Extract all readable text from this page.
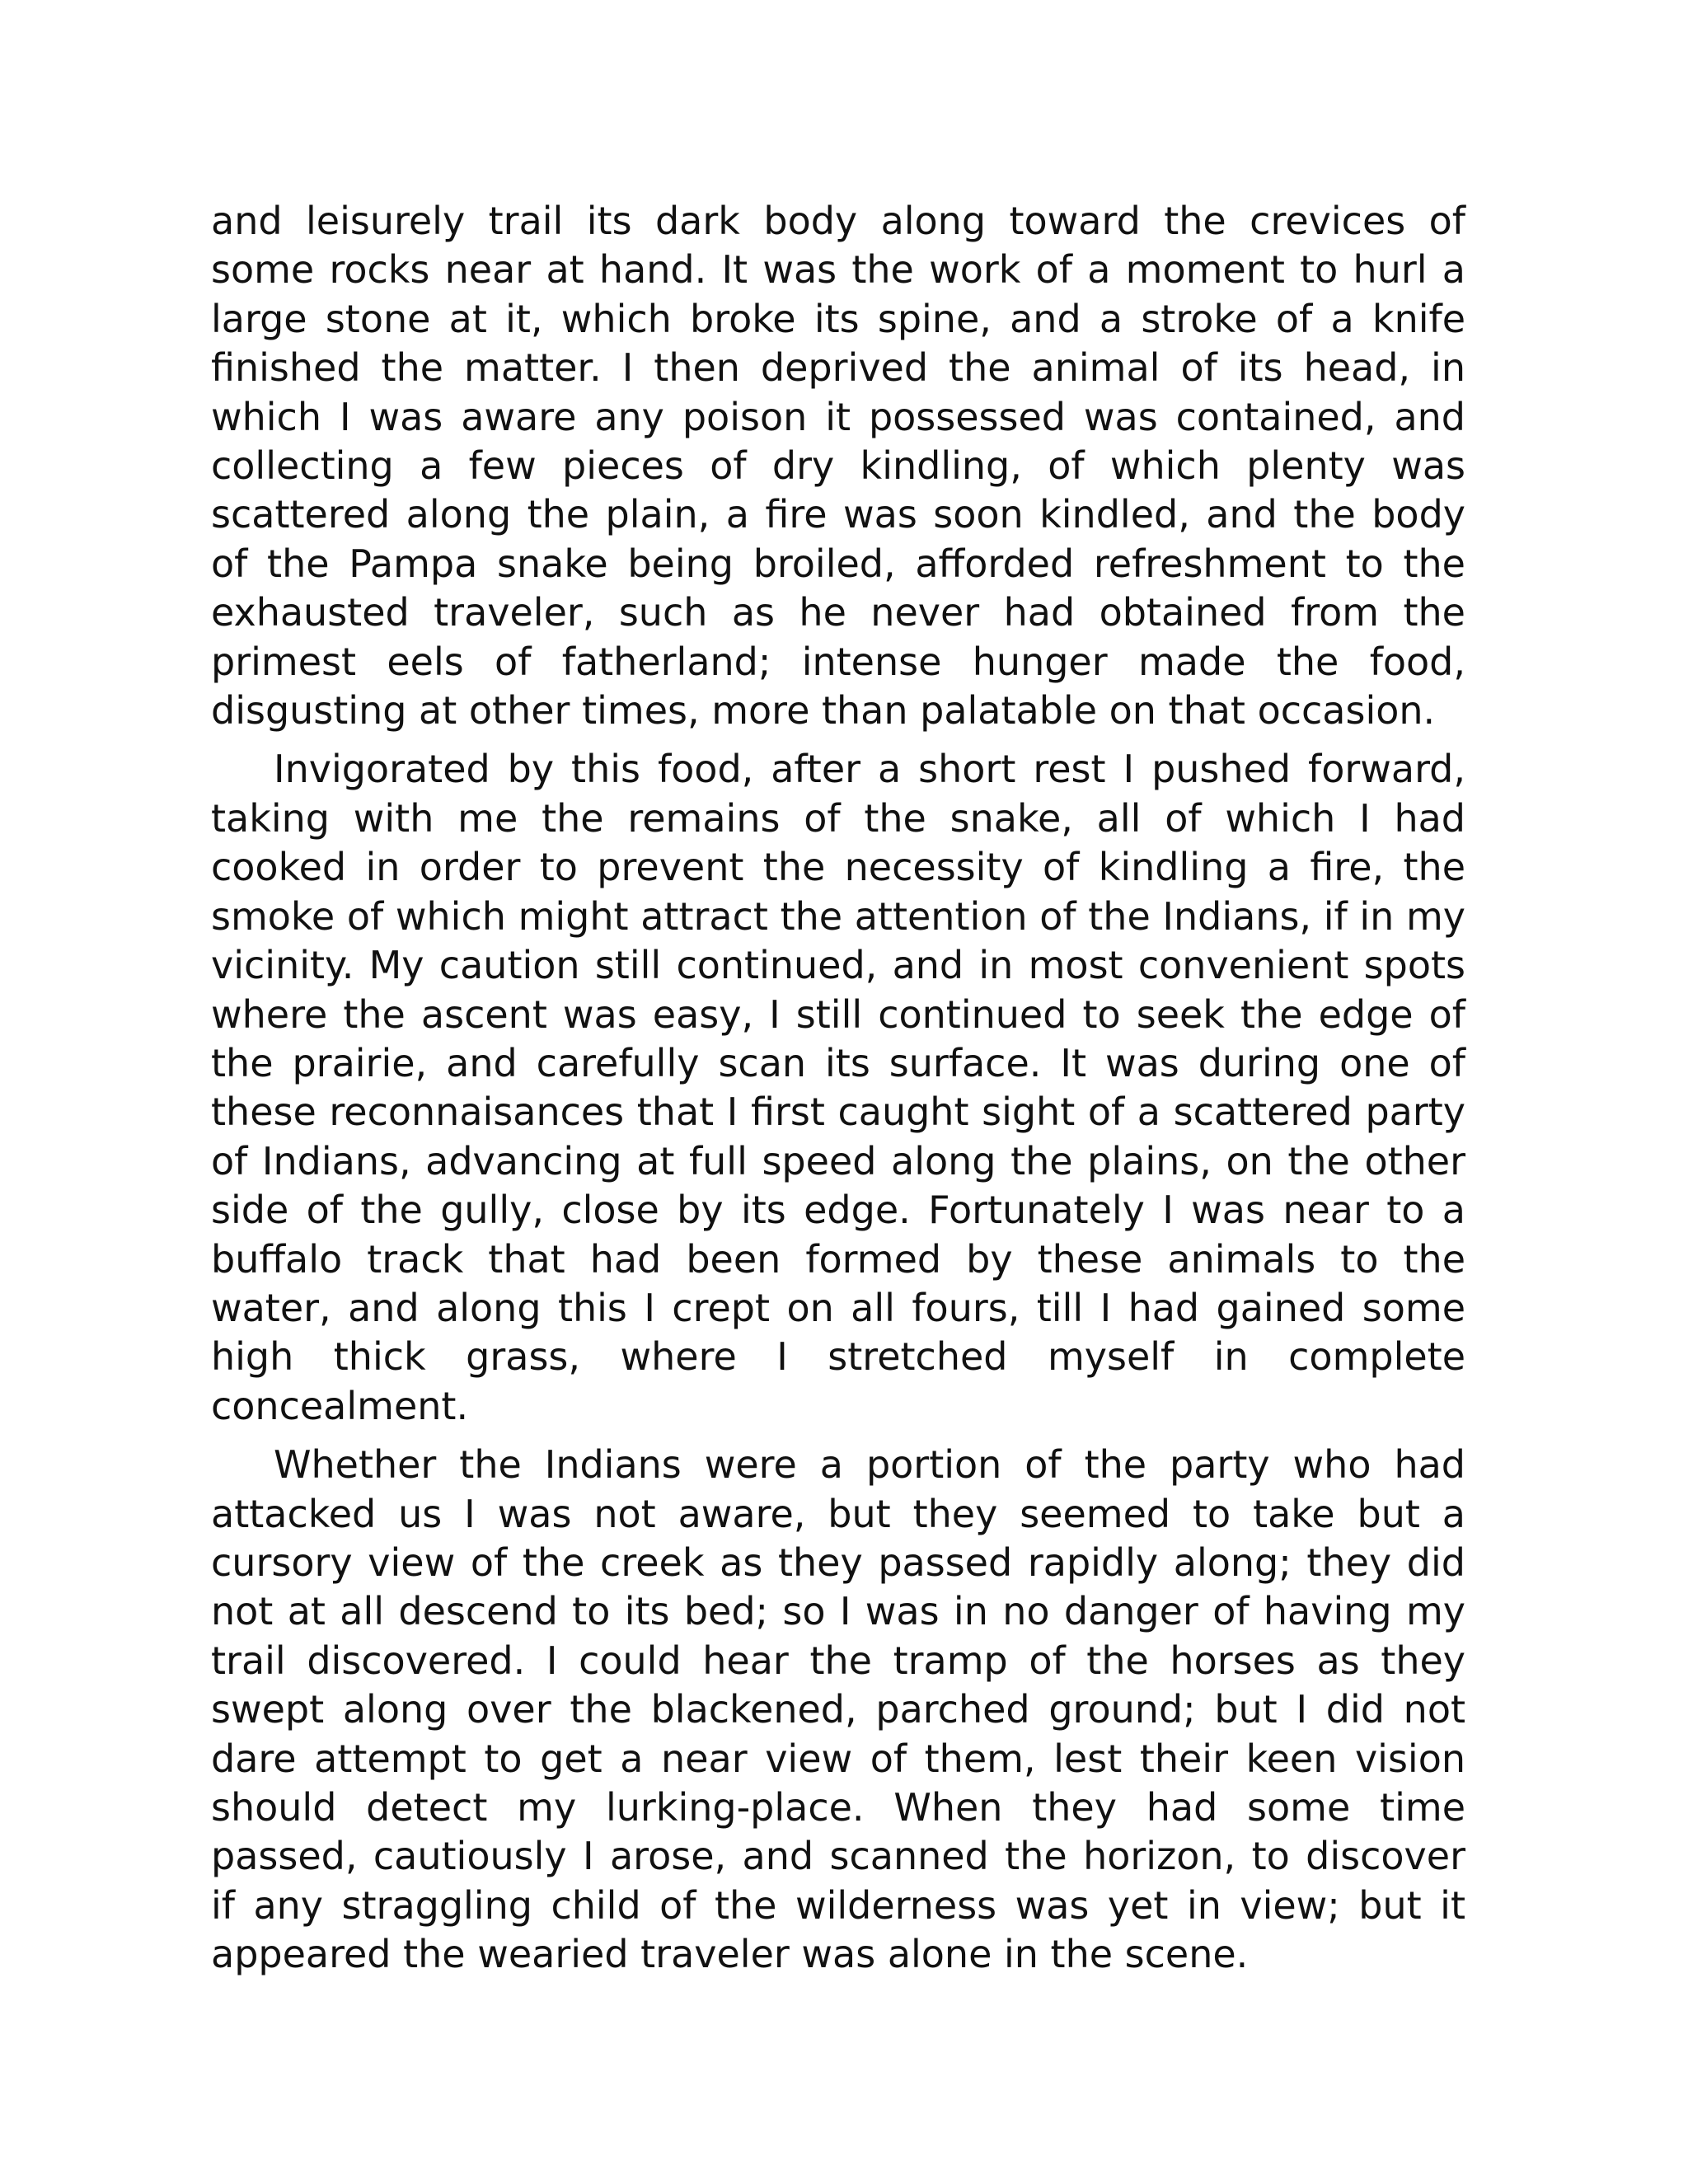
and leisurely trail its dark body along toward the crevices of some rocks near at hand. It was the work of a moment to hurl a large stone at it, which broke its spine, and a stroke of a knife finished the matter. I then deprived the animal of its head, in which I was aware any poison it possessed was contained, and collecting a few pieces of dry kindling, of which plenty was scattered along the plain, a fire was soon kindled, and the body of the Pampa snake being broiled, afforded refreshment to the exhausted traveler, such as he never had obtained from the primest eels of fatherland; intense hunger made the food, disgusting at other times, more than palatable on that occasion.

Invigorated by this food, after a short rest I pushed forward, taking with me the remains of the snake, all of which I had cooked in order to prevent the necessity of kindling a fire, the smoke of which might attract the attention of the Indians, if in my vicinity. My caution still continued, and in most convenient spots where the ascent was easy, I still continued to seek the edge of the prairie, and carefully scan its surface. It was during one of these reconnaisances that I first caught sight of a scattered party of Indians, advancing at full speed along the plains, on the other side of the gully, close by its edge. Fortunately I was near to a buffalo track that had been formed by these animals to the water, and along this I crept on all fours, till I had gained some high thick grass, where I stretched myself in complete concealment.

Whether the Indians were a portion of the party who had attacked us I was not aware, but they seemed to take but a cursory view of the creek as they passed rapidly along; they did not at all descend to its bed; so I was in no danger of having my trail discovered. I could hear the tramp of the horses as they swept along over the blackened, parched ground; but I did not dare attempt to get a near view of them, lest their keen vision should detect my lurking-place. When they had some time passed, cautiously I arose, and scanned the horizon, to discover if any straggling child of the wilderness was yet in view; but it appeared the wearied traveler was alone in the scene.
